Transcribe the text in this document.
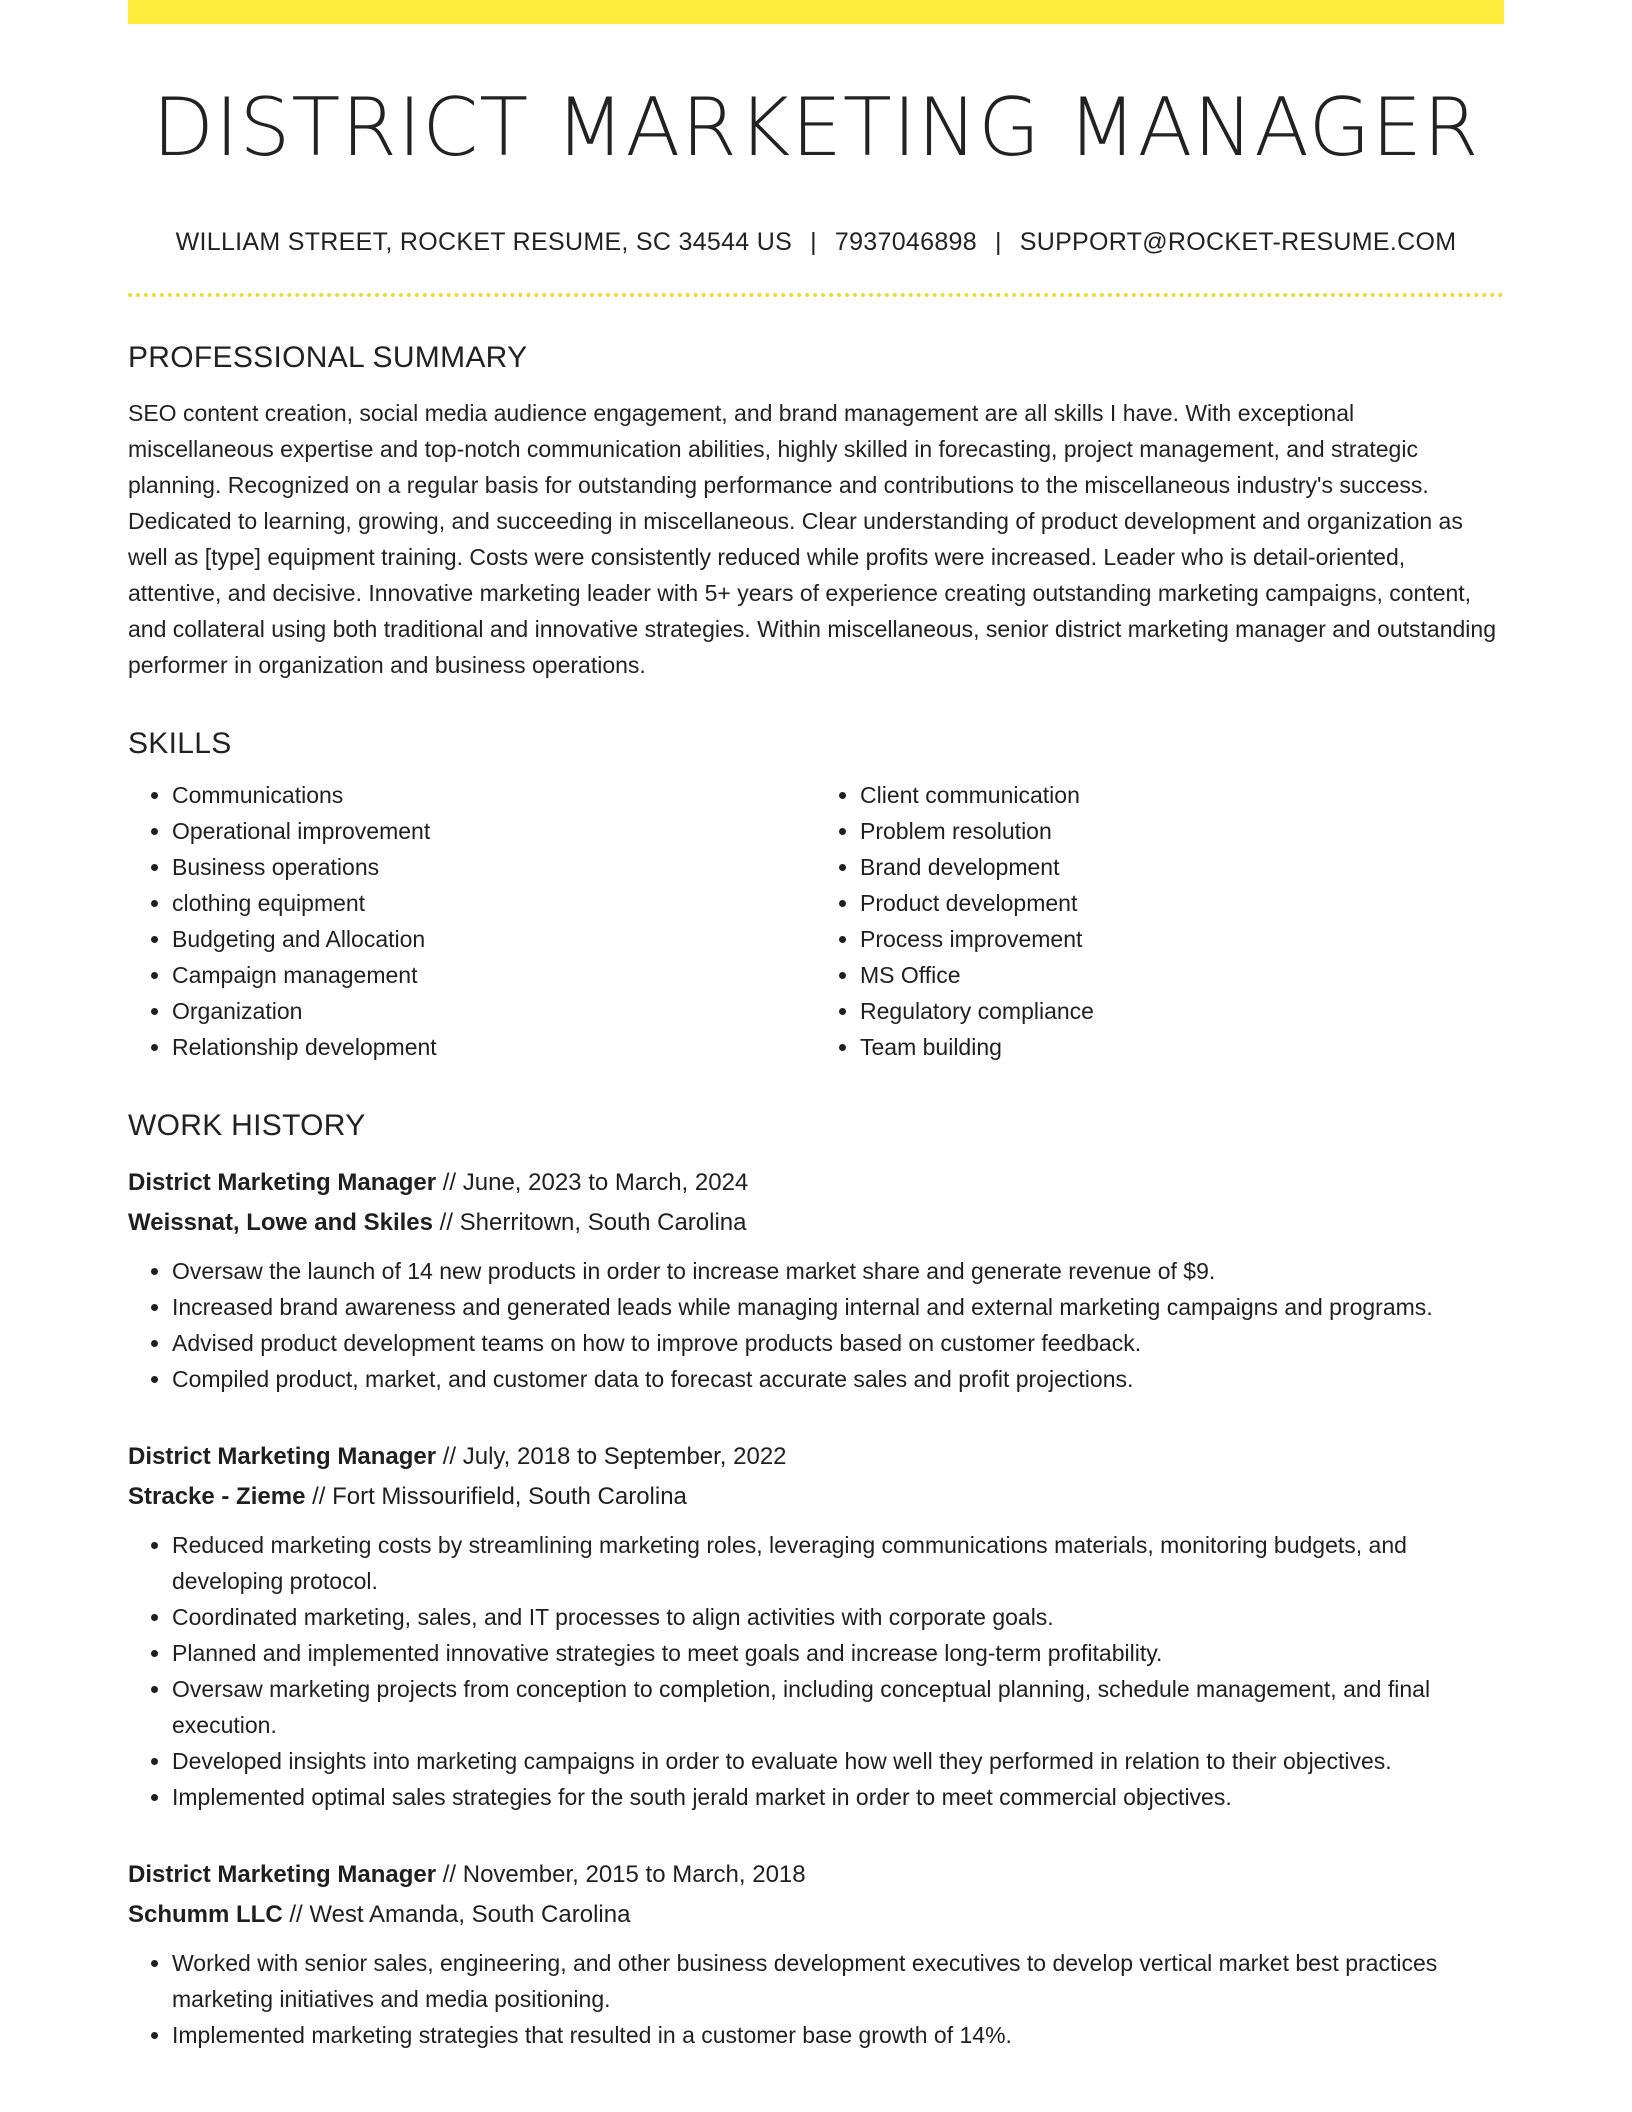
DISTRICT MARKETING MANAGER
WILLIAM STREET, ROCKET RESUME, SC 34544 US | 7937046898 | SUPPORT@ROCKET-RESUME.COM
PROFESSIONAL SUMMARY
SEO content creation, social media audience engagement, and brand management are all skills I have. With exceptional miscellaneous expertise and top-notch communication abilities, highly skilled in forecasting, project management, and strategic planning. Recognized on a regular basis for outstanding performance and contributions to the miscellaneous industry's success. Dedicated to learning, growing, and succeeding in miscellaneous. Clear understanding of product development and organization as well as [type] equipment training. Costs were consistently reduced while profits were increased. Leader who is detail-oriented, attentive, and decisive. Innovative marketing leader with 5+ years of experience creating outstanding marketing campaigns, content, and collateral using both traditional and innovative strategies. Within miscellaneous, senior district marketing manager and outstanding performer in organization and business operations.
SKILLS
• Communications
• Operational improvement
• Business operations
• clothing equipment
• Budgeting and Allocation
• Campaign management
• Organization
• Relationship development
• Client communication
• Problem resolution
• Brand development
• Product development
• Process improvement
• MS Office
• Regulatory compliance
• Team building
WORK HISTORY
District Marketing Manager // June, 2023 to March, 2024
Weissnat, Lowe and Skiles // Sherritown, South Carolina
• Oversaw the launch of 14 new products in order to increase market share and generate revenue of $9.
• Increased brand awareness and generated leads while managing internal and external marketing campaigns and programs.
• Advised product development teams on how to improve products based on customer feedback.
• Compiled product, market, and customer data to forecast accurate sales and profit projections.
District Marketing Manager // July, 2018 to September, 2022
Stracke - Zieme // Fort Missourifield, South Carolina
• Reduced marketing costs by streamlining marketing roles, leveraging communications materials, monitoring budgets, and developing protocol.
• Coordinated marketing, sales, and IT processes to align activities with corporate goals.
• Planned and implemented innovative strategies to meet goals and increase long-term profitability.
• Oversaw marketing projects from conception to completion, including conceptual planning, schedule management, and final execution.
• Developed insights into marketing campaigns in order to evaluate how well they performed in relation to their objectives.
• Implemented optimal sales strategies for the south jerald market in order to meet commercial objectives.
District Marketing Manager // November, 2015 to March, 2018
Schumm LLC // West Amanda, South Carolina
• Worked with senior sales, engineering, and other business development executives to develop vertical market best practices marketing initiatives and media positioning.
• Implemented marketing strategies that resulted in a customer base growth of 14%.
